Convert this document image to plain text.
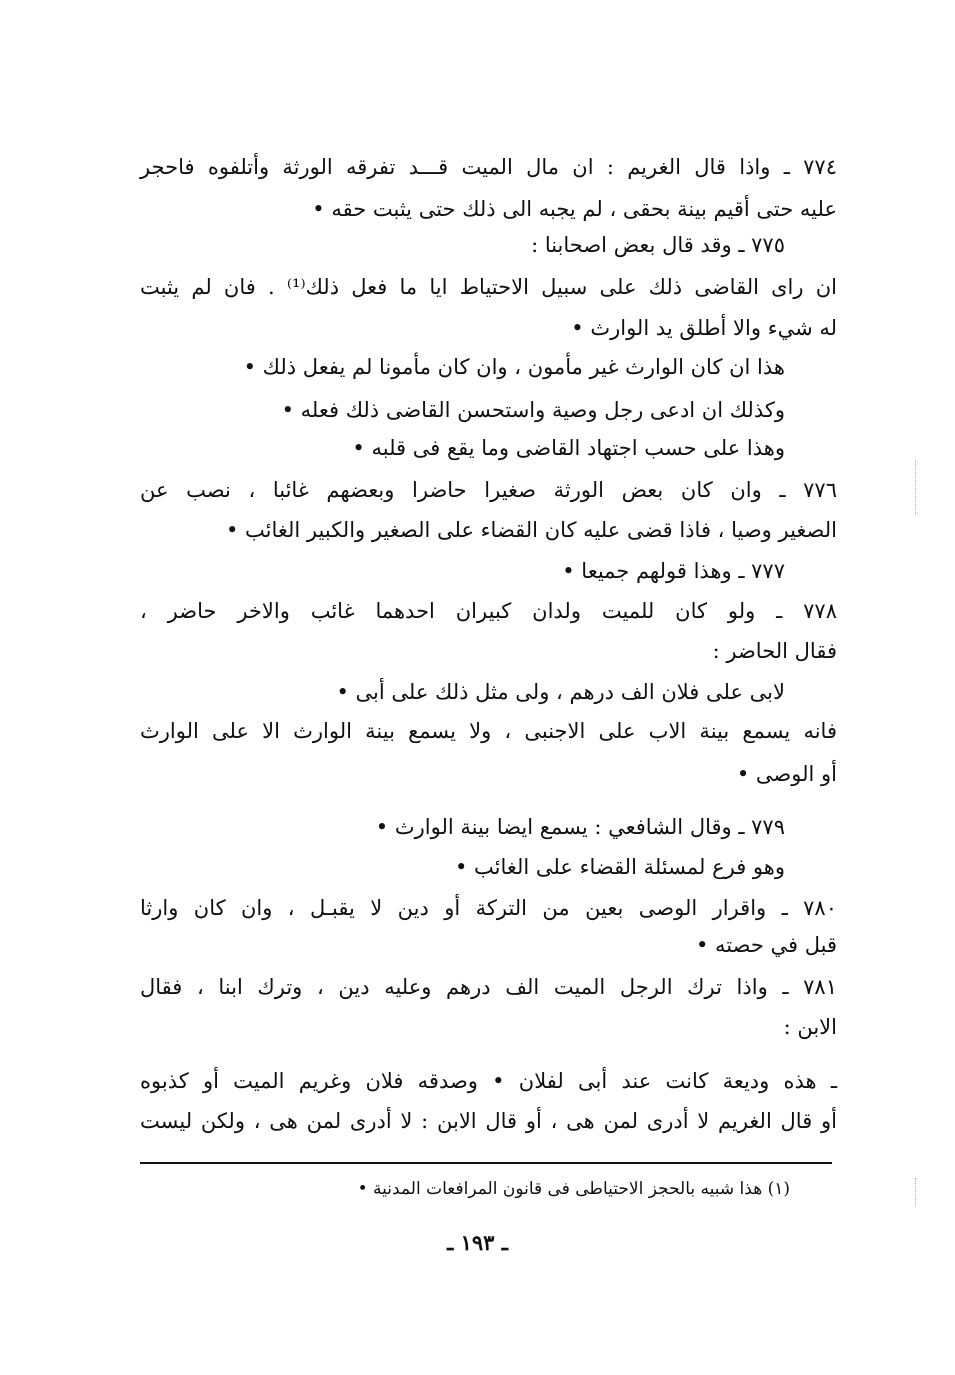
٧٧٤ ـ واذا قال الغريم : ان مال الميت قـــد تفرقه الورثة وأتلفوه فاحجر
عليه حتى أقيم بينة بحقى ، لم يجبه الى ذلك حتى يثبت حقه •
٧٧٥ ـ وقد قال بعض اصحابنا :
ان راى القاضى ذلك على سبيل الاحتياط ايا ما فعل ذلك⁽¹⁾ . فان لم يثبت
له شيء والا أطلق يد الوارث •
هذا ان كان الوارث غير مأمون ، وان كان مأمونا لم يفعل ذلك •
وكذلك ان ادعى رجل وصية واستحسن القاضى ذلك فعله •
وهذا على حسب اجتهاد القاضى وما يقع فى قلبه •
٧٧٦ ـ وان كان بعض الورثة صغيرا حاضرا وبعضهم غائبا ، نصب عن
الصغير وصيا ، فاذا قضى عليه كان القضاء على الصغير والكبير الغائب •
٧٧٧ ـ وهذا قولهم جميعا •
٧٧٨ ـ ولو كان للميت ولدان كبيران احدهما غائب والاخر حاضر ،
فقال الحاضر :
لابى على فلان الف درهم ، ولى مثل ذلك على أبى •
فانه يسمع بينة الاب على الاجنبى ، ولا يسمع بينة الوارث الا على الوارث
أو الوصى •
٧٧٩ ـ وقال الشافعي : يسمع ايضا بينة الوارث •
وهو فرع لمسئلة القضاء على الغائب •
٧٨٠ ـ واقرار الوصى بعين من التركة أو دين لا يقبـل ، وان كان وارثا
قبل في حصته •
٧٨١ ـ واذا ترك الرجل الميت الف درهم وعليه دين ، وترك ابنا ، فقال
الابن :
ـ هذه وديعة كانت عند أبى لفلان • وصدقه فلان وغريم الميت أو كذبوه
أو قال الغريم لا أدرى لمن هى ، أو قال الابن : لا أدرى لمن هى ، ولكن ليست
(١) هذا شبيه بالحجز الاحتياطى فى قانون المرافعات المدنية •
ـ ١٩٣ ـ
